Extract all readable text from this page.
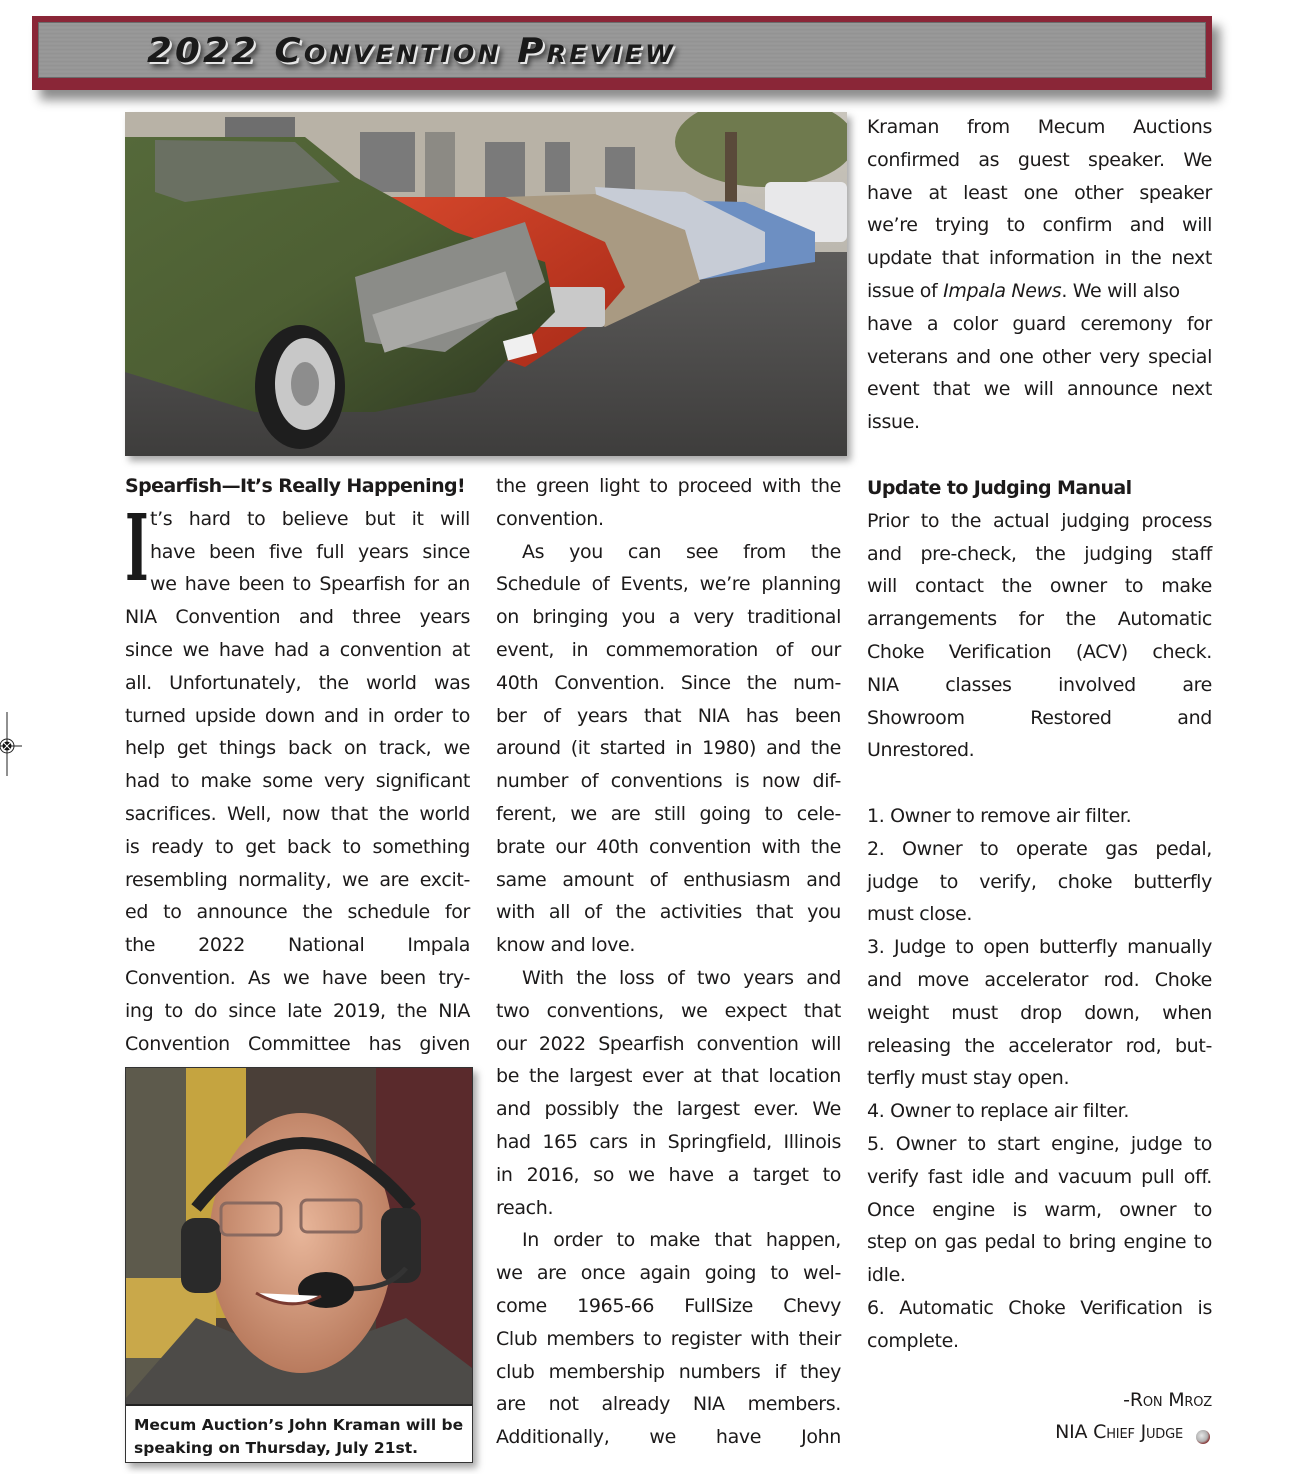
2022 Convention Preview
Mecum Auction’s John Kraman will be
speaking on Thursday, July 21st.
Spearfish—It’s Really Happening!
I t’s hard to believe but it will
have been five full years since
we have been to Spearfish for an
NIA Convention and three years
since we have had a convention at
all. Unfortunately, the world was
turned upside down and in order to
help get things back on track, we
had to make some very significant
sacrifices. Well, now that the world
is ready to get back to something
resembling normality, we are excit-
ed to announce the schedule for
the 2022 National Impala
Convention. As we have been try-
ing to do since late 2019, the NIA
Convention Committee has given
the green light to proceed with the
convention.
As you can see from the
Schedule of Events, we’re planning
on bringing you a very traditional
event, in commemoration of our
40th Convention. Since the num-
ber of years that NIA has been
around (it started in 1980) and the
number of conventions is now dif-
ferent, we are still going to cele-
brate our 40th convention with the
same amount of enthusiasm and
with all of the activities that you
know and love.
With the loss of two years and
two conventions, we expect that
our 2022 Spearfish convention will
be the largest ever at that location
and possibly the largest ever. We
had 165 cars in Springfield, Illinois
in 2016, so we have a target to
reach.
In order to make that happen,
we are once again going to wel-
come 1965-66 FullSize Chevy
Club members to register with their
club membership numbers if they
are not already NIA members.
Additionally, we have John
Kraman from Mecum Auctions
confirmed as guest speaker. We
have at least one other speaker
we’re trying to confirm and will
update that information in the next
issue of Impala News. We will also
have a color guard ceremony for
veterans and one other very special
event that we will announce next
issue.
Update to Judging Manual
Prior to the actual judging process
and pre-check, the judging staff
will contact the owner to make
arrangements for the Automatic
Choke Verification (ACV) check.
NIA classes involved are
Showroom Restored and
Unrestored.
1. Owner to remove air filter.
2. Owner to operate gas pedal,
judge to verify, choke butterfly
must close.
3. Judge to open butterfly manually
and move accelerator rod. Choke
weight must drop down, when
releasing the accelerator rod, but-
terfly must stay open.
4. Owner to replace air filter.
5. Owner to start engine, judge to
verify fast idle and vacuum pull off.
Once engine is warm, owner to
step on gas pedal to bring engine to
idle.
6. Automatic Choke Verification is
complete.
-Ron Mroz
NIA Chief Judge
